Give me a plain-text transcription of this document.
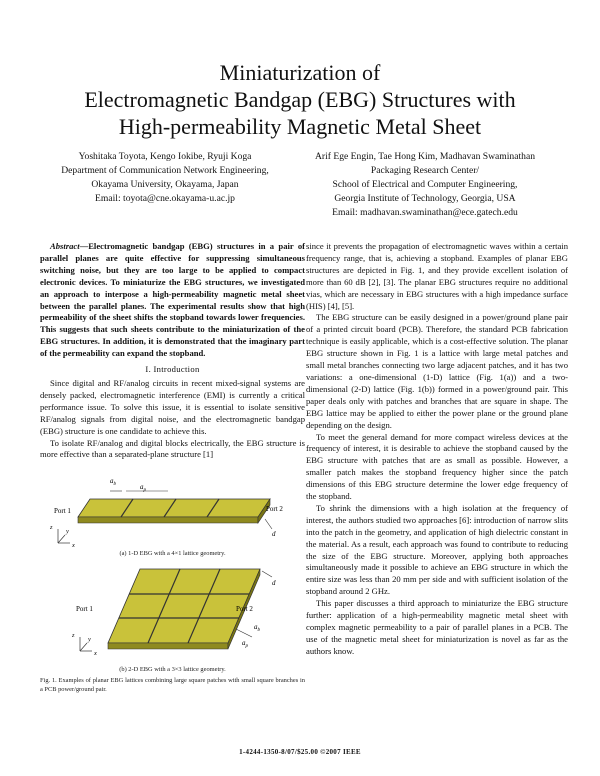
Miniaturization of
Electromagnetic Bandgap (EBG) Structures with
High-permeability Magnetic Metal Sheet
Yoshitaka Toyota, Kengo Iokibe, Ryuji Koga
Department of Communication Network Engineering,
Okayama University, Okayama, Japan
Email: toyota@cne.okayama-u.ac.jp
Arif Ege Engin, Tae Hong Kim, Madhavan Swaminathan
Packaging Research Center/
School of Electrical and Computer Engineering,
Georgia Institute of Technology, Georgia, USA
Email: madhavan.swaminathan@ece.gatech.edu

Abstract—Electromagnetic bandgap (EBG) structures in a pair of parallel planes are quite effective for suppressing simultaneous switching noise, but they are too large to be applied to compact electronic devices. To miniaturize the EBG structures, we investigated an approach to interpose a high-permeability magnetic metal sheet between the parallel planes. The experimental results show that high permeability of the sheet shifts the stopband towards lower frequencies. This suggests that such sheets contribute to the miniaturization of the EBG structures. In addition, it is demonstrated that the imaginary part of the permeability can expand the stopband.

I. Introduction

Since digital and RF/analog circuits in recent mixed-signal systems are densely packed, electromagnetic interference (EMI) is currently a critical performance issue. To solve this issue, it is essential to isolate sensitive RF/analog signals from digital noise, and the electromagnetic bandgap (EBG) structure is one candidate to achieve this.

To isolate RF/analog and digital blocks electrically, the EBG structure is more effective than a separated-plane structure [1]

$a_b$	$a_p$
Port 1	Port 2
d
z
y
x
d
Port 1	Port 2
$a_b$
$a_p$
z
y
x
(a) 1-D EBG with a 4×1 lattice geometry.
(b) 2-D EBG with a 3×3 lattice geometry.
Fig. 1. Examples of planar EBG lattices combining large square patches with small square branches in a PCB power/ground pair.

since it prevents the propagation of electromagnetic waves within a certain frequency range, that is, achieving a stopband. Examples of planar EBG structures are depicted in Fig. 1, and they provide excellent isolation of more than 60 dB [2], [3]. The planar EBG structures require no additional vias, which are necessary in EBG structures with a high impedance surface (HIS) [4], [5].

The EBG structure can be easily designed in a power/ground plane pair of a printed circuit board (PCB). Therefore, the standard PCB fabrication technique is easily applicable, which is a cost-effective solution. The planar EBG structure shown in Fig. 1 is a lattice with large metal patches and small metal branches connecting two large adjacent patches, and it has two variations: a one-dimensional (1-D) lattice (Fig. 1(a)) and a two-dimensional (2-D) lattice (Fig. 1(b)) formed in a power/ground pair. This paper deals only with patches and branches that are square in shape. The EBG lattice may be applied to either the power plane or the ground plane depending on the design.

To meet the general demand for more compact wireless devices at the frequency of interest, it is desirable to achieve the stopband caused by the EBG structure with patches that are as small as possible. However, a smaller patch makes the stopband frequency higher since the patch dimensions of this EBG structure determine the lower edge frequency of the stopband.

To shrink the dimensions with a high isolation at the frequency of interest, the authors studied two approaches [6]: introduction of narrow slits into the patch in the geometry, and application of high dielectric constant in the material. As a result, each approach was found to contribute to reducing the size of the EBG structure. Moreover, applying both approaches simultaneously made it possible to achieve an EBG structure in which the entire size was less than 20 mm per side and with sufficient isolation of the stopband around 2 GHz.

This paper discusses a third approach to miniaturize the EBG structure further: application of a high-permeability magnetic metal sheet with complex magnetic permeability to a pair of parallel planes in a PCB. The use of the magnetic metal sheet for miniaturization is novel as far as the authors know.

1-4244-1350-8/07/$25.00 ©2007 IEEE
